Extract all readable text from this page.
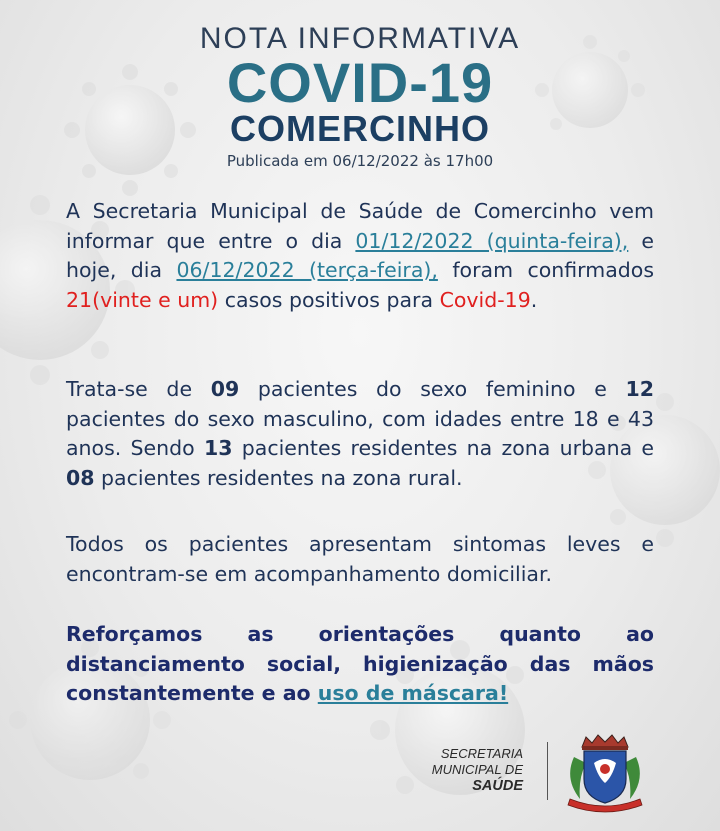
NOTA INFORMATIVA
COVID-19
COMERCINHO
Publicada em 06/12/2022 às 17h00

A Secretaria Municipal de Saúde de Comercinho vem informar que entre o dia 01/12/2022 (quinta-feira), e hoje, dia 06/12/2022 (terça-feira), foram confirmados 21(vinte e um) casos positivos para Covid-19.

Trata-se de 09 pacientes do sexo feminino e 12 pacientes do sexo masculino, com idades entre 18 e 43 anos. Sendo 13 pacientes residentes na zona urbana e 08 pacientes residentes na zona rural.

Todos os pacientes apresentam sintomas leves e encontram-se em acompanhamento domiciliar.

Reforçamos as orientações quanto ao distanciamento social, higienização das mãos constantemente e ao uso de máscara!

SECRETARIA
MUNICIPAL DE
SAÚDE
